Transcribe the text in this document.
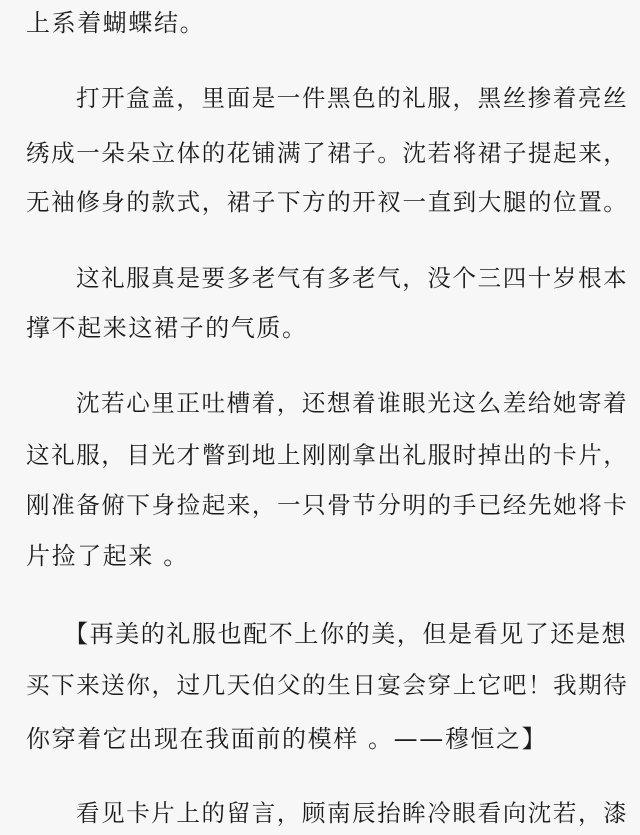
上系着蝴蝶结。
打开盒盖，里面是一件黑色的礼服，黑丝掺着亮丝
绣成一朵朵立体的花铺满了裙子。沈若将裙子提起来，
无袖修身的款式，裙子下方的开衩一直到大腿的位置。
这礼服真是要多老气有多老气，没个三四十岁根本
撑不起来这裙子的气质。
沈若心里正吐槽着，还想着谁眼光这么差给她寄着
这礼服，目光才瞥到地上刚刚拿出礼服时掉出的卡片，
刚准备俯下身捡起来，一只骨节分明的手已经先她将卡
片捡了起来 。
【再美的礼服也配不上你的美，但是看见了还是想
买下来送你，过几天伯父的生日宴会穿上它吧！我期待
你穿着它出现在我面前的模样 。——穆恒之】
看见卡片上的留言，顾南辰抬眸冷眼看向沈若，漆
